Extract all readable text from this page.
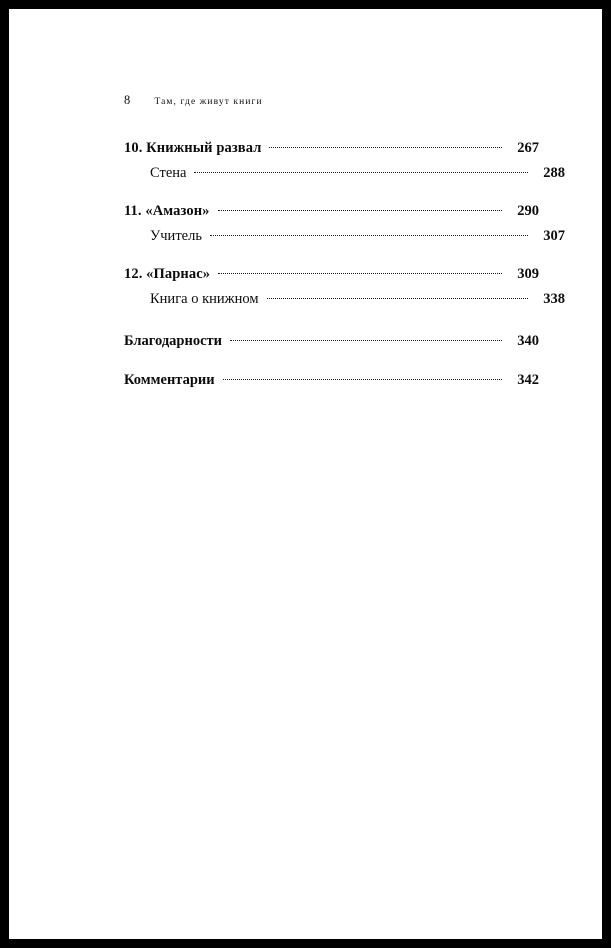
8	Там, где живут книги
10. Книжный развал	267
Стена	288
11. «Амазон»	290
Учитель	307
12. «Парнас»	309
Книга о книжном	338
Благодарности	340
Комментарии	342
